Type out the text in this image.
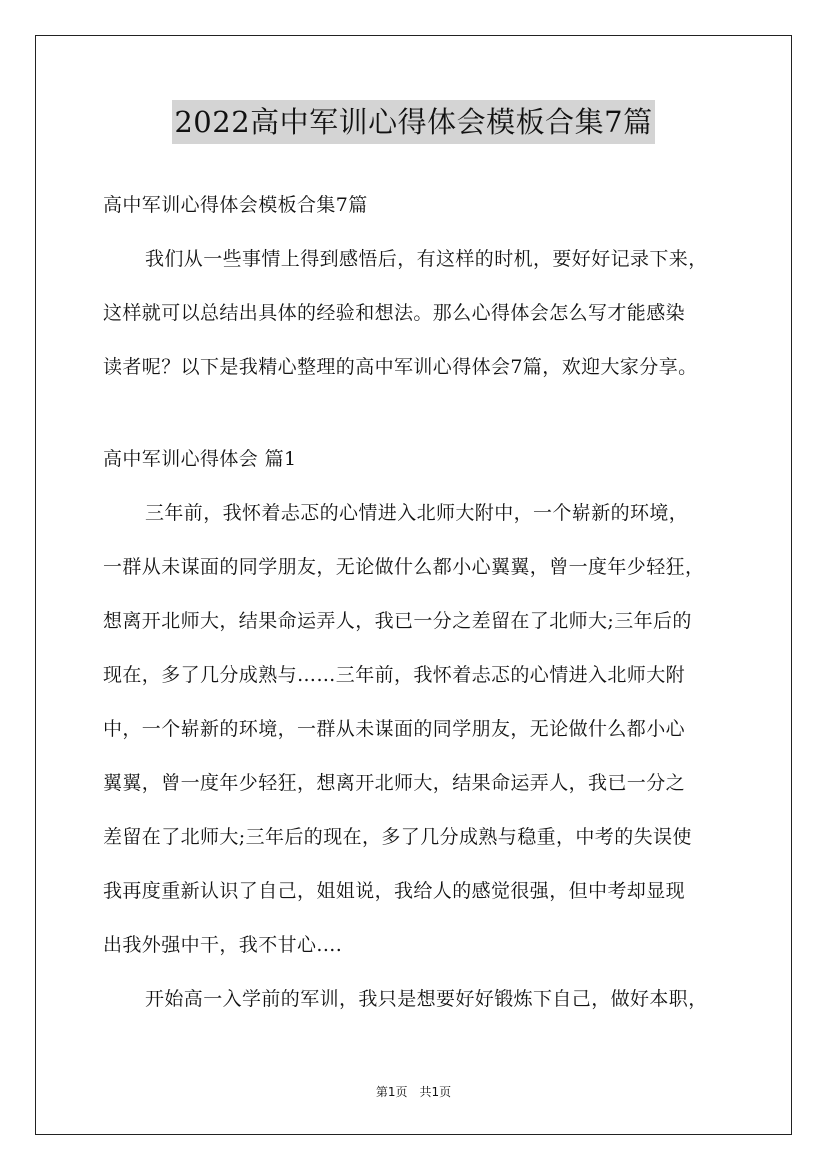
2022高中军训心得体会模板合集7篇
高中军训心得体会模板合集7篇
我们从一些事情上得到感悟后，有这样的时机，要好好记录下来，
这样就可以总结出具体的经验和想法。那么心得体会怎么写才能感染
读者呢？以下是我精心整理的高中军训心得体会7篇，欢迎大家分享。
高中军训心得体会 篇1
三年前，我怀着忐忑的心情进入北师大附中，一个崭新的环境，
一群从未谋面的同学朋友，无论做什么都小心翼翼，曾一度年少轻狂，
想离开北师大，结果命运弄人，我已一分之差留在了北师大;三年后的
现在，多了几分成熟与……三年前，我怀着忐忑的心情进入北师大附
中，一个崭新的环境，一群从未谋面的同学朋友，无论做什么都小心
翼翼，曾一度年少轻狂，想离开北师大，结果命运弄人，我已一分之
差留在了北师大;三年后的现在，多了几分成熟与稳重，中考的失误使
我再度重新认识了自己，姐姐说，我给人的感觉很强，但中考却显现
出我外强中干，我不甘心....
开始高一入学前的军训，我只是想要好好锻炼下自己，做好本职，
第1页 共1页
